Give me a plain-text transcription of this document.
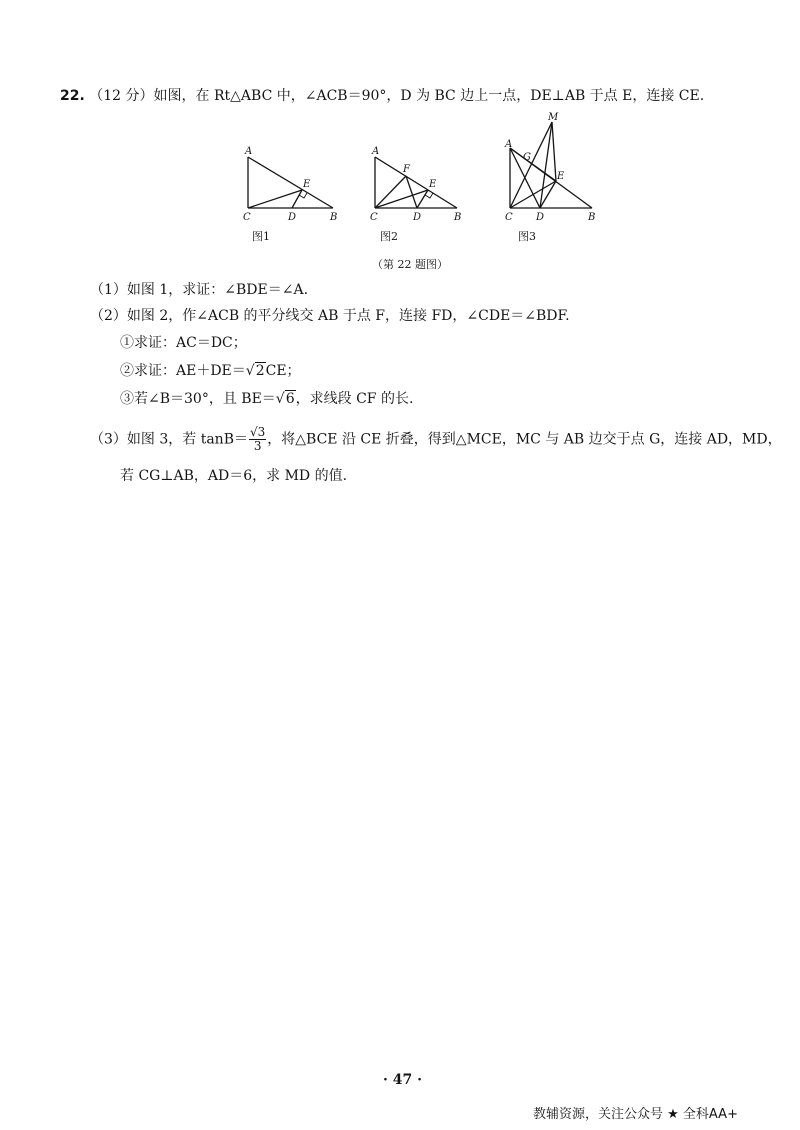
22. （12 分）如图，在 Rt△ABC 中，∠ACB＝90°，D 为 BC 边上一点，DE⊥AB 于点 E，连接 CE.
A
C	D	B
E
A
F
E
C	D	B
M
A
G
E
C D	B
图1	图2	图3
（第 22 题图）
（1）如图 1，求证：∠BDE＝∠A.
（2）如图 2，作∠ACB 的平分线交 AB 于点 F，连接 FD，∠CDE＝∠BDF.
①求证：AC＝DC；
②求证：AE＋DE＝√2CE；
③若∠B＝30°，且 BE＝√6，求线段 CF 的长.
（3）如图 3，若 $\tan B= \frac{√3}{3}$ ，将△BCE 沿 CE 折叠，得到△MCE，MC 与 AB 边交于点 G，连接 AD，MD，
若 CG⊥AB，AD＝6，求 MD 的值.
· 47 ·
教辅资源，关注公众号 ★ 全科AA+
